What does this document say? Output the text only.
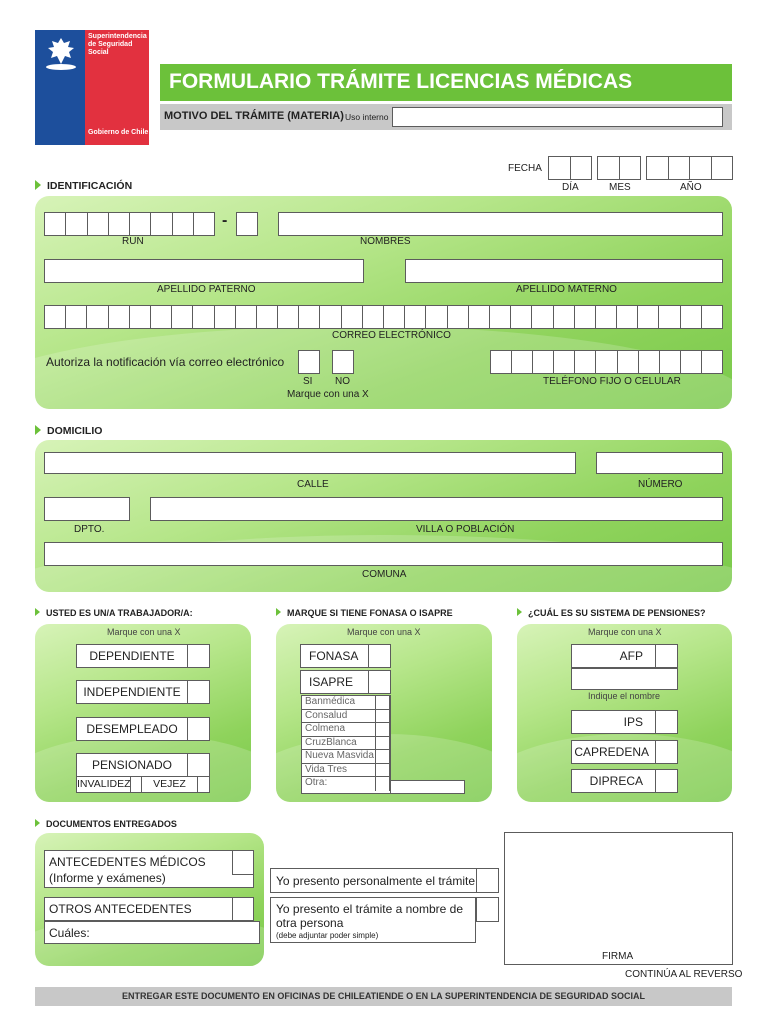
Superintendencia
de Seguridad
Social
Gobierno de Chile
FORMULARIO TRÁMITE LICENCIAS MÉDICAS
MOTIVO DEL TRÁMITE (MATERIA) Uso interno
FECHA
DÍA	MES	AÑO
IDENTIFICACIÓN
-
RUN	NOMBRES
APELLIDO PATERNO	APELLIDO MATERNO
CORREO ELECTRÓNICO
Autoriza la notificación vía correo electrónico
SI NO
Marque con una X
TELÉFONO FIJO O CELULAR
DOMICILIO
CALLE	NÚMERO
DPTO.	VILLA O POBLACIÓN
COMUNA
USTED ES UN/A TRABAJADOR/A:
Marque con una X
DEPENDIENTE
INDEPENDIENTE
DESEMPLEADO
PENSIONADO
INVALIDEZ	VEJEZ
MARQUE SI TIENE FONASA O ISAPRE
Marque con una X
FONASA
ISAPRE
Banmédica
Consalud
Colmena
CruzBlanca
Nueva Masvida
Vida Tres
Otra:
¿CUÁL ES SU SISTEMA DE PENSIONES?
Marque con una X
AFP
Indique el nombre
IPS
CAPREDENA
DIPRECA
DOCUMENTOS ENTREGADOS
ANTECEDENTES MÉDICOS
(Informe y exámenes)
OTROS ANTECEDENTES
Cuáles:
Yo presento personalmente el trámite
Yo presento el trámite a nombre de
otra persona
(debe adjuntar poder simple)
FIRMA
CONTINÚA AL REVERSO
ENTREGAR ESTE DOCUMENTO EN OFICINAS DE CHILEATIENDE O EN LA SUPERINTENDENCIA DE SEGURIDAD SOCIAL
